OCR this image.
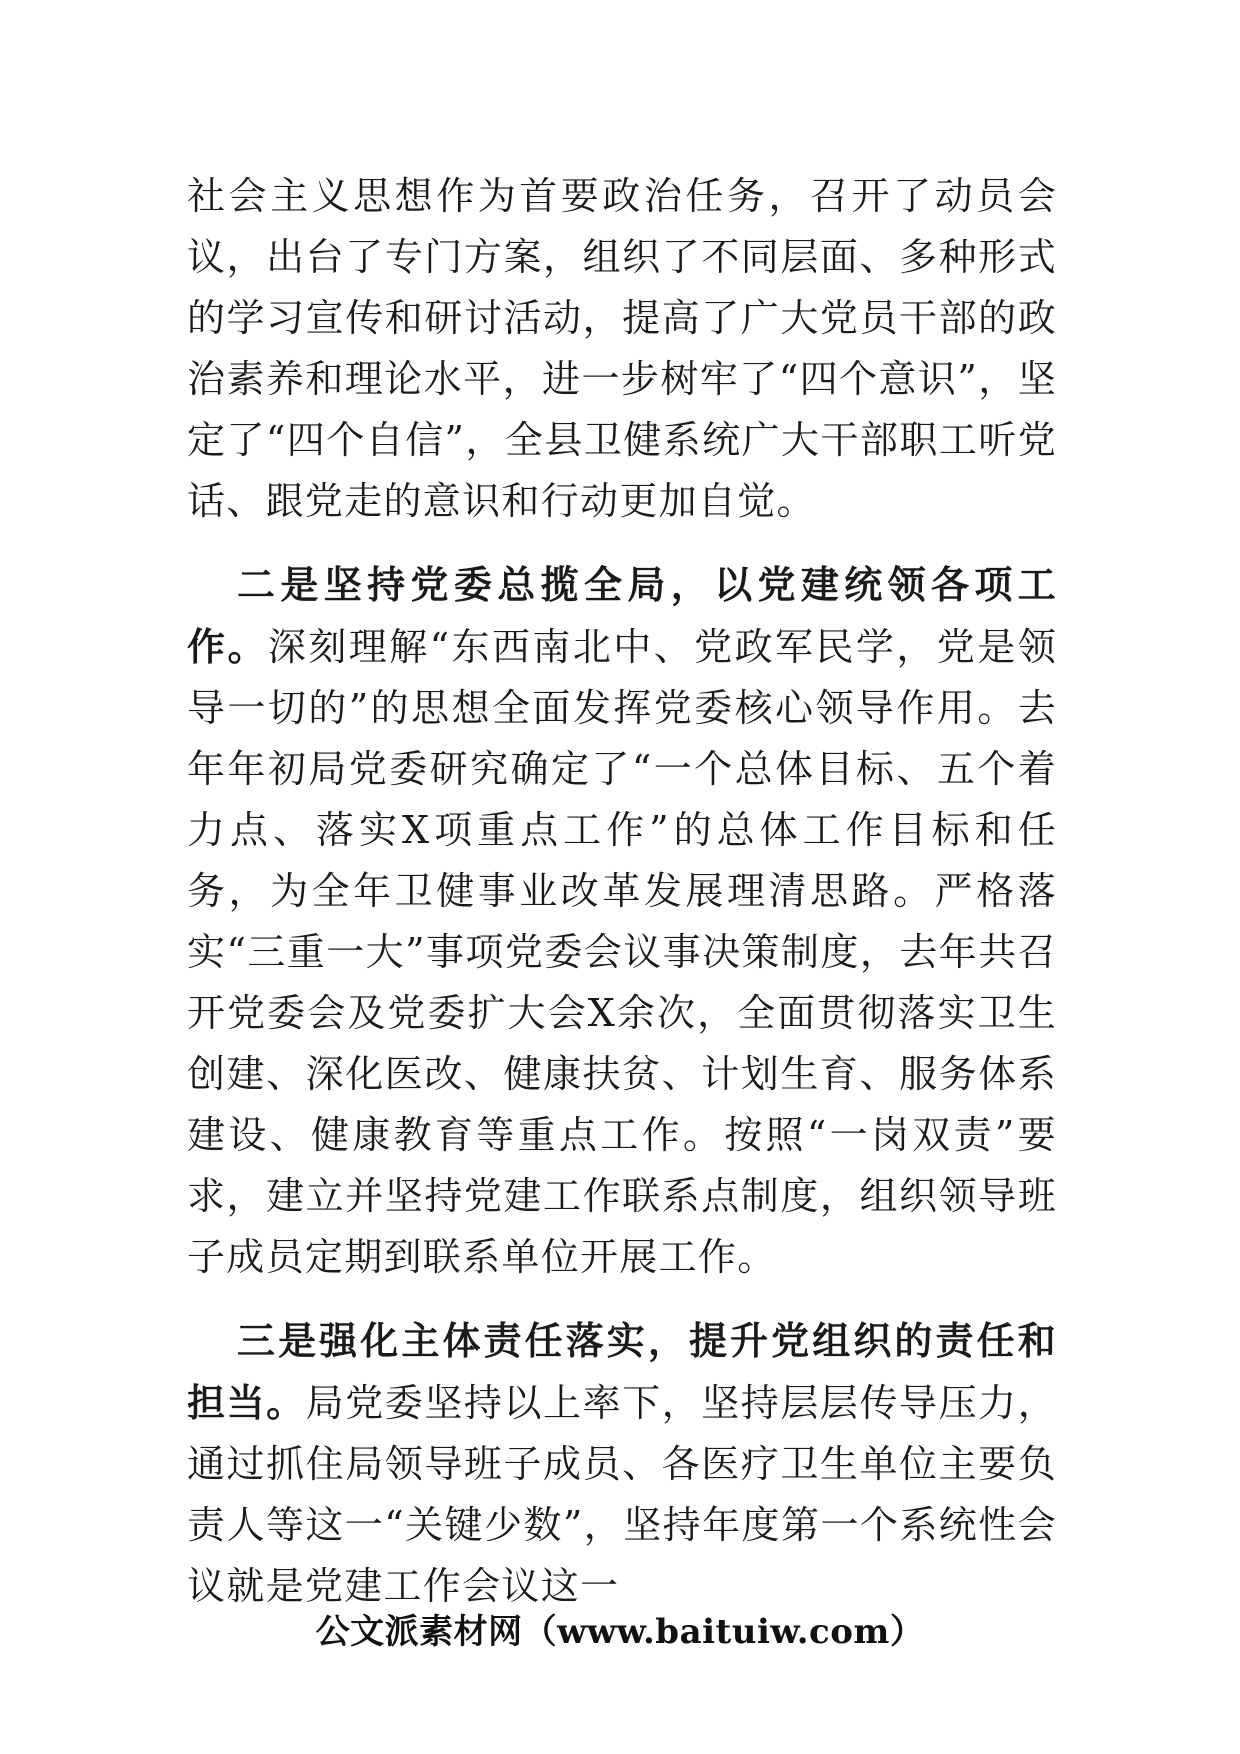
社会主义思想作为首要政治任务，召开了动员会议，出台了专门方案，组织了不同层面、多种形式的学习宣传和研讨活动，提高了广大党员干部的政治素养和理论水平，进一步树牢了“四个意识”，坚定了“四个自信”，全县卫健系统广大干部职工听党话、跟党走的意识和行动更加自觉。

二是坚持党委总揽全局，以党建统领各项工作。深刻理解“东西南北中、党政军民学，党是领导一切的”的思想全面发挥党委核心领导作用。去年年初局党委研究确定了“一个总体目标、五个着力点、落实X项重点工作”的总体工作目标和任务，为全年卫健事业改革发展理清思路。严格落实“三重一大”事项党委会议事决策制度，去年共召开党委会及党委扩大会X余次，全面贯彻落实卫生创建、深化医改、健康扶贫、计划生育、服务体系建设、健康教育等重点工作。按照“一岗双责”要求，建立并坚持党建工作联系点制度，组织领导班子成员定期到联系单位开展工作。

三是强化主体责任落实，提升党组织的责任和担当。局党委坚持以上率下，坚持层层传导压力，通过抓住局领导班子成员、各医疗卫生单位主要负责人等这一“关键少数”，坚持年度第一个系统性会议就是党建工作会议这一

公文派素材网（www.baituiw.com）
